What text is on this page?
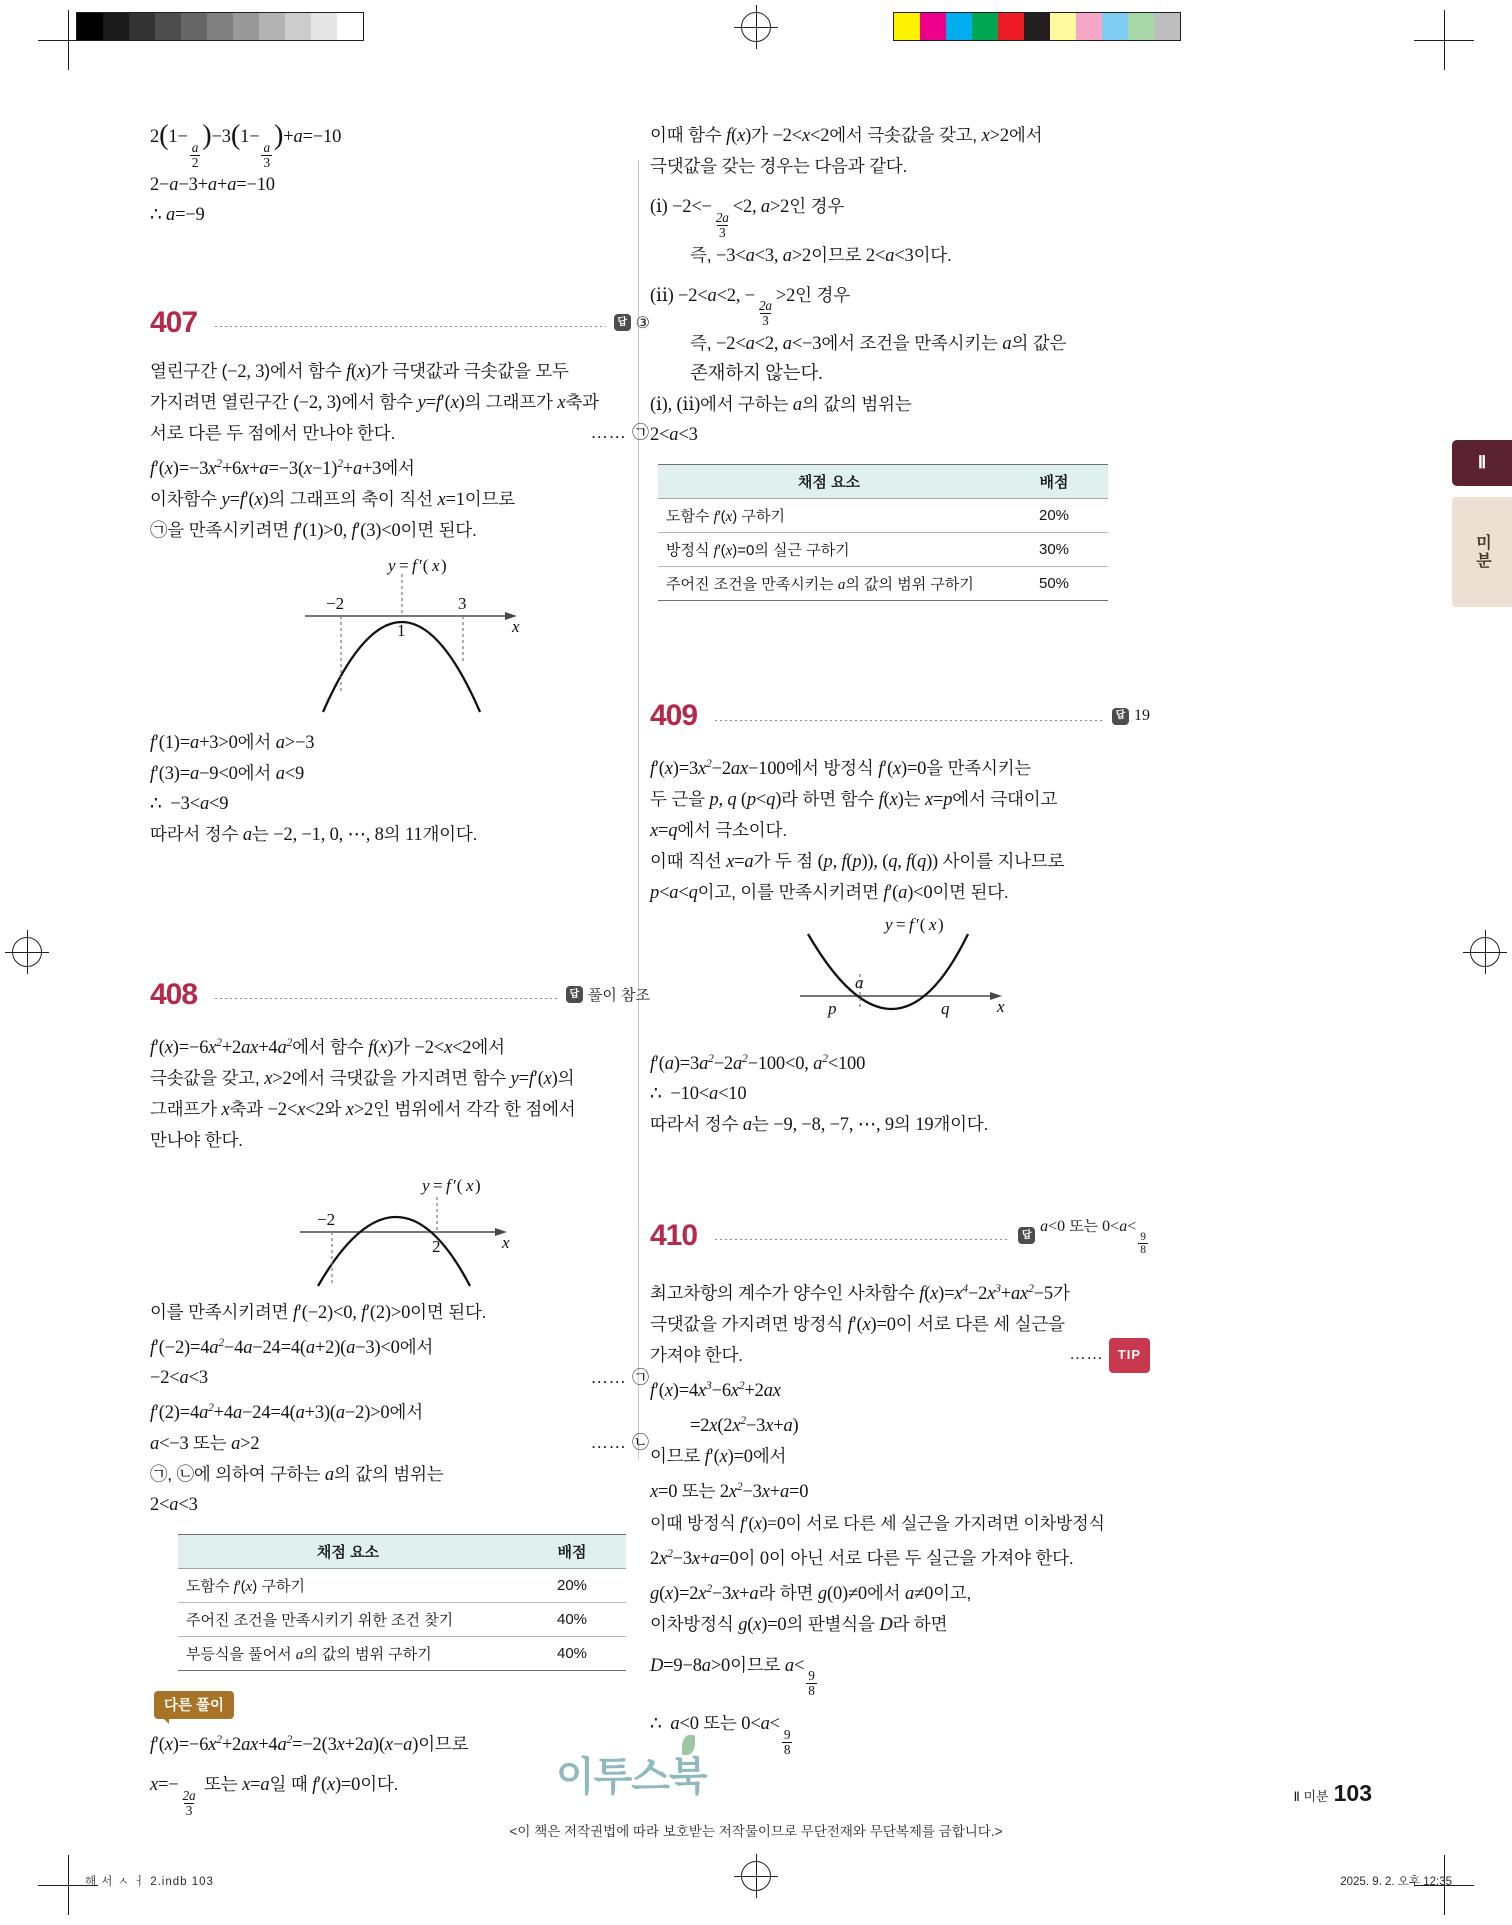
2(1−
$\frac{a}{2}$
)−3(1−
$\frac{a}{3}$
)+a=−10
2−a−3+a+a=−10
∴ a=−9
407	답 ③
열린구간 (−2, 3)에서 함수 f(x)가 극댓값과 극솟값을 모두
가지려면 열린구간 (−2, 3)에서 함수 y=f′(x)의 그래프가 x축과
서로 다른 두 점에서 만나야 한다.	…… ㉠
$f'(x)=-3x^2+6x+a=-3(x-1)^2+a+3$에서
이차함수 y=f′(x)의 그래프의 축이 직선 x=1이므로
㉠을 만족시키려면 f′(1)>0, f′(3)<0이면 된다.
y = f ′( x )
−2	3
1	x
f′(1)=a+3>0에서 a>−3
f′(3)=a−9<0에서 a<9
∴  −3<a<9
따라서 정수 a는 −2, −1, 0, ⋯, 8의 11개이다.
408	답 풀이 참조
$f'(x)=-6x^2+2ax+4a^2$에서 함수 f(x)가 −2<x<2에서
극솟값을 갖고, x>2에서 극댓값을 가지려면 함수 y=f′(x)의
그래프가 x축과 −2<x<2와 x>2인 범위에서 각각 한 점에서
만나야 한다.
y = f ′( x )
−2
2	x
이를 만족시키려면 f′(−2)<0, f′(2)>0이면 된다.
$f'(-2)=4a^2-4a-24=4(a+2)(a-3)<0$에서
−2<a<3	…… ㉠
$f'(2)=4a^2+4a-24=4(a+3)(a-2)>0$에서
a<−3 또는 a>2	…… ㉡
㉠, ㉡에 의하여 구하는 a의 값의 범위는
2<a<3
채점 요소	배점
도함수 f′(x) 구하기	20%
주어진 조건을 만족시키기 위한 조건 찾기	40%
부등식을 풀어서 a의 값의 범위 구하기	40%
다른 풀이
$f'(x)=-6x^2+2ax+4a^2=-2(3x+2a)(x-a)$이므로
x=−
$\frac{2a}{3}$
또는 x=a일 때 f′(x)=0이다.
이때 함수 f(x)가 −2<x<2에서 극솟값을 갖고, x>2에서
극댓값을 갖는 경우는 다음과 같다.
(ⅰ) −2<−
$\frac{2a}{3}$
<2, a>2인 경우
즉, −3<a<3, a>2이므로 2<a<3이다.
(ⅱ) −2<a<2, −
$\frac{2a}{3}$
>2인 경우
즉, −2<a<2, a<−3에서 조건을 만족시키는 a의 값은
존재하지 않는다.
(ⅰ), (ⅱ)에서 구하는 a의 값의 범위는
2<a<3
채점 요소	배점
도함수 f′(x) 구하기	20%
방정식 f′(x)=0의 실근 구하기	30%
주어진 조건을 만족시키는 a의 값의 범위 구하기	50%
409	답 19
$f'(x)=3x^2-2ax-100$에서 방정식 f′(x)=0을 만족시키는
두 근을 p, q (p<q)라 하면 함수 f(x)는 x=p에서 극대이고
x=q에서 극소이다.
이때 직선 x=a가 두 점 (p, f(p)), (q, f(q)) 사이를 지나므로
p<a<q이고, 이를 만족시키려면 f′(a)<0이면 된다.
y = f ′( x )
p
a
q	x
$f'(a)=3a^2-2a^2-100<0$, $a^2<100$
∴  −10<a<10
따라서 정수 a는 −9, −8, −7, ⋯, 9의 19개이다.
410	답 a<0 또는 0<a<
$\frac{9}{8}$
최고차항의 계수가 양수인 사차함수 $f(x)=x^4-2x^3+ax^2-5$가
극댓값을 가지려면 방정식 f′(x)=0이 서로 다른 세 실근을
가져야 한다.	…… TIP
$f'(x)=4x^3-6x^2+2ax$
$=2x(2x^2-3x+a)$
이므로 f′(x)=0에서
x=0 또는 $2x^2-3x+a=0$
이때 방정식 f′(x)=0이 서로 다른 세 실근을 가지려면 이차방정식
$2x^2-3x+a=0$이 0이 아닌 서로 다른 두 실근을 가져야 한다.
$g(x)=2x^2-3x+a$라 하면 g(0)≠0에서 a≠0이고,
이차방정식 g(x)=0의 판별식을 D라 하면
D=9−8a>0이므로 a<
$\frac{9}{8}$
∴  a<0 또는 0<a<
$\frac{9}{8}$
Ⅱ
미분
이투스북
<이 책은 저작권법에 따라 보호받는 저작물이므로 무단전재와 무단복제를 금합니다.>
Ⅱ 미분 103
해 서 ㅅ ㅓ 2.indb 103	2025. 9. 2. 오후 12:35
